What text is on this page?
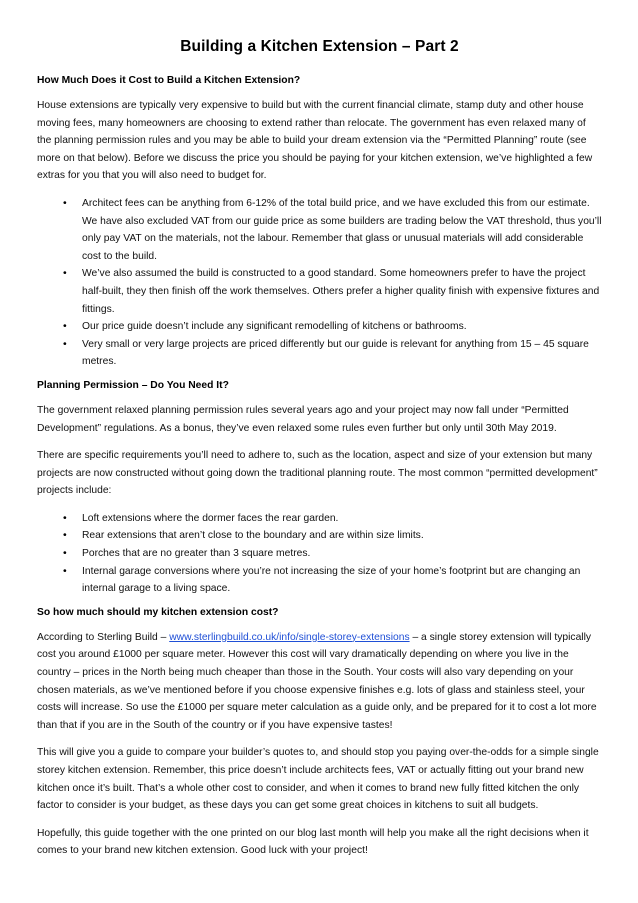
Building a Kitchen Extension – Part 2
How Much Does it Cost to Build a Kitchen Extension?

House extensions are typically very expensive to build but with the current financial climate, stamp duty and other house moving fees, many homeowners are choosing to extend rather than relocate. The government has even relaxed many of the planning permission rules and you may be able to build your dream extension via the “Permitted Planning” route (see more on that below). Before we discuss the price you should be paying for your kitchen extension, we’ve highlighted a few extras for you that you will also need to budget for.

• Architect fees can be anything from 6-12% of the total build price, and we have excluded this from our estimate. We have also excluded VAT from our guide price as some builders are trading below the VAT threshold, thus you’ll only pay VAT on the materials, not the labour. Remember that glass or unusual materials will add considerable cost to the build.
• We’ve also assumed the build is constructed to a good standard. Some homeowners prefer to have the project half-built, they then finish off the work themselves. Others prefer a higher quality finish with expensive fixtures and fittings.
• Our price guide doesn’t include any significant remodelling of kitchens or bathrooms.
• Very small or very large projects are priced differently but our guide is relevant for anything from 15 – 45 square metres.
Planning Permission – Do You Need It?

The government relaxed planning permission rules several years ago and your project may now fall under “Permitted Development” regulations. As a bonus, they’ve even relaxed some rules even further but only until 30th May 2019.

There are specific requirements you’ll need to adhere to, such as the location, aspect and size of your extension but many projects are now constructed without going down the traditional planning route. The most common “permitted development” projects include:

• Loft extensions where the dormer faces the rear garden.
• Rear extensions that aren’t close to the boundary and are within size limits.
• Porches that are no greater than 3 square metres.
• Internal garage conversions where you’re not increasing the size of your home’s footprint but are changing an internal garage to a living space.
So how much should my kitchen extension cost?

According to Sterling Build – www.sterlingbuild.co.uk/info/single-storey-extensions – a single storey extension will typically cost you around £1000 per square meter. However this cost will vary dramatically depending on where you live in the country – prices in the North being much cheaper than those in the South. Your costs will also vary depending on your chosen materials, as we’ve mentioned before if you choose expensive finishes e.g. lots of glass and stainless steel, your costs will increase. So use the £1000 per square meter calculation as a guide only, and be prepared for it to cost a lot more than that if you are in the South of the country or if you have expensive tastes!

This will give you a guide to compare your builder’s quotes to, and should stop you paying over-the-odds for a simple single storey kitchen extension. Remember, this price doesn’t include architects fees, VAT or actually fitting out your brand new kitchen once it’s built. That’s a whole other cost to consider, and when it comes to brand new fully fitted kitchen the only factor to consider is your budget, as these days you can get some great choices in kitchens to suit all budgets.

Hopefully, this guide together with the one printed on our blog last month will help you make all the right decisions when it comes to your brand new kitchen extension. Good luck with your project!
